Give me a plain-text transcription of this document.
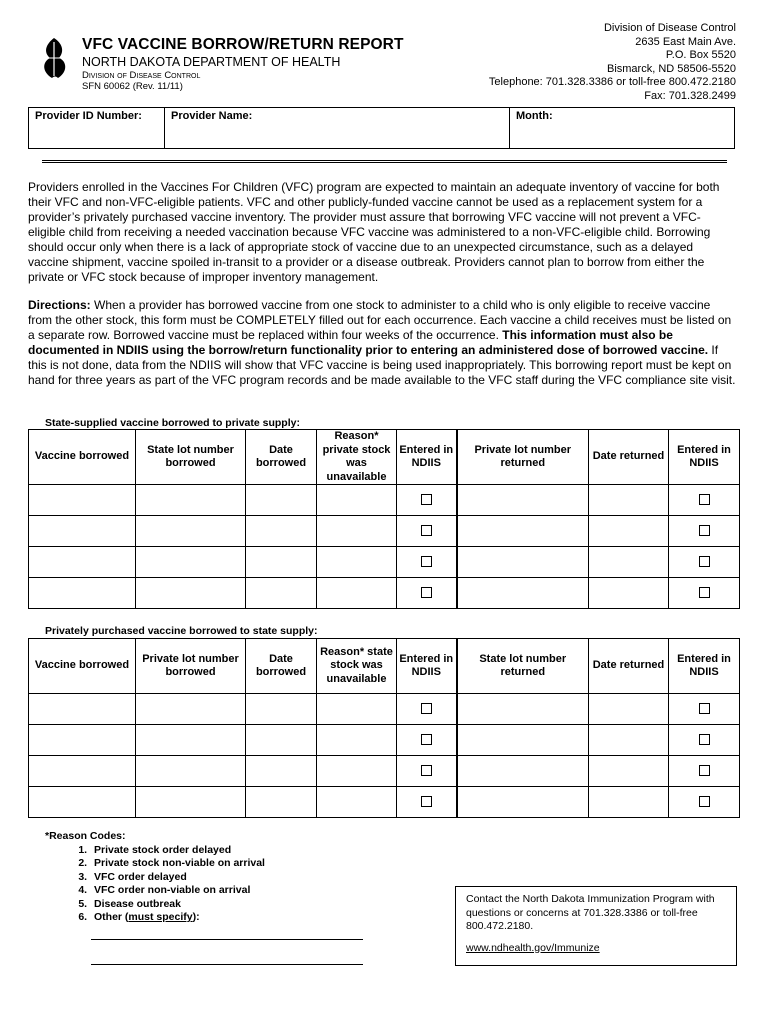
VFC VACCINE BORROW/RETURN REPORT
NORTH DAKOTA DEPARTMENT OF HEALTH
Division of Disease Control
SFN 60062 (Rev. 11/11)
Division of Disease Control
2635 East Main Ave.
P.O. Box 5520
Bismarck, ND 58506-5520
Telephone: 701.328.3386 or toll-free 800.472.2180
Fax: 701.328.2499
Provider ID Number:	Provider Name:	Month:
Providers enrolled in the Vaccines For Children (VFC) program are expected to maintain an adequate inventory of vaccine for both their VFC and non-VFC-eligible patients. VFC and other publicly-funded vaccine cannot be used as a replacement system for a provider’s privately purchased vaccine inventory. The provider must assure that borrowing VFC vaccine will not prevent a VFC-eligible child from receiving a needed vaccination because VFC vaccine was administered to a non-VFC-eligible child. Borrowing should occur only when there is a lack of appropriate stock of vaccine due to an unexpected circumstance, such as a delayed vaccine shipment, vaccine spoiled in-transit to a provider or a disease outbreak. Providers cannot plan to borrow from either the private or VFC stock because of improper inventory management.
Directions: When a provider has borrowed vaccine from one stock to administer to a child who is only eligible to receive vaccine from the other stock, this form must be COMPLETELY filled out for each occurrence. Each vaccine a child receives must be listed on a separate row. Borrowed vaccine must be replaced within four weeks of the occurrence. This information must also be documented in NDIIS using the borrow/return functionality prior to entering an administered dose of borrowed vaccine. If this is not done, data from the NDIIS will show that VFC vaccine is being used inappropriately. This borrowing report must be kept on hand for three years as part of the VFC program records and be made available to the VFC staff during the VFC compliance site visit.
State-supplied vaccine borrowed to private supply:
Vaccine borrowed	State lot number borrowed	Date borrowed	Reason* private stock was unavailable	Entered in NDIIS	Private lot number returned	Date returned	Entered in NDIIS

Privately purchased vaccine borrowed to state supply:
Vaccine borrowed	Private lot number borrowed	Date borrowed	Reason* state stock was unavailable	Entered in NDIIS	State lot number returned	Date returned	Entered in NDIIS

*Reason Codes:
1. Private stock order delayed
2. Private stock non-viable on arrival
3. VFC order delayed
4. VFC order non-viable on arrival
5. Disease outbreak
6. Other (must specify):
Contact the North Dakota Immunization Program with questions or concerns at 701.328.3386 or toll-free 800.472.2180.
www.ndhealth.gov/Immunize
